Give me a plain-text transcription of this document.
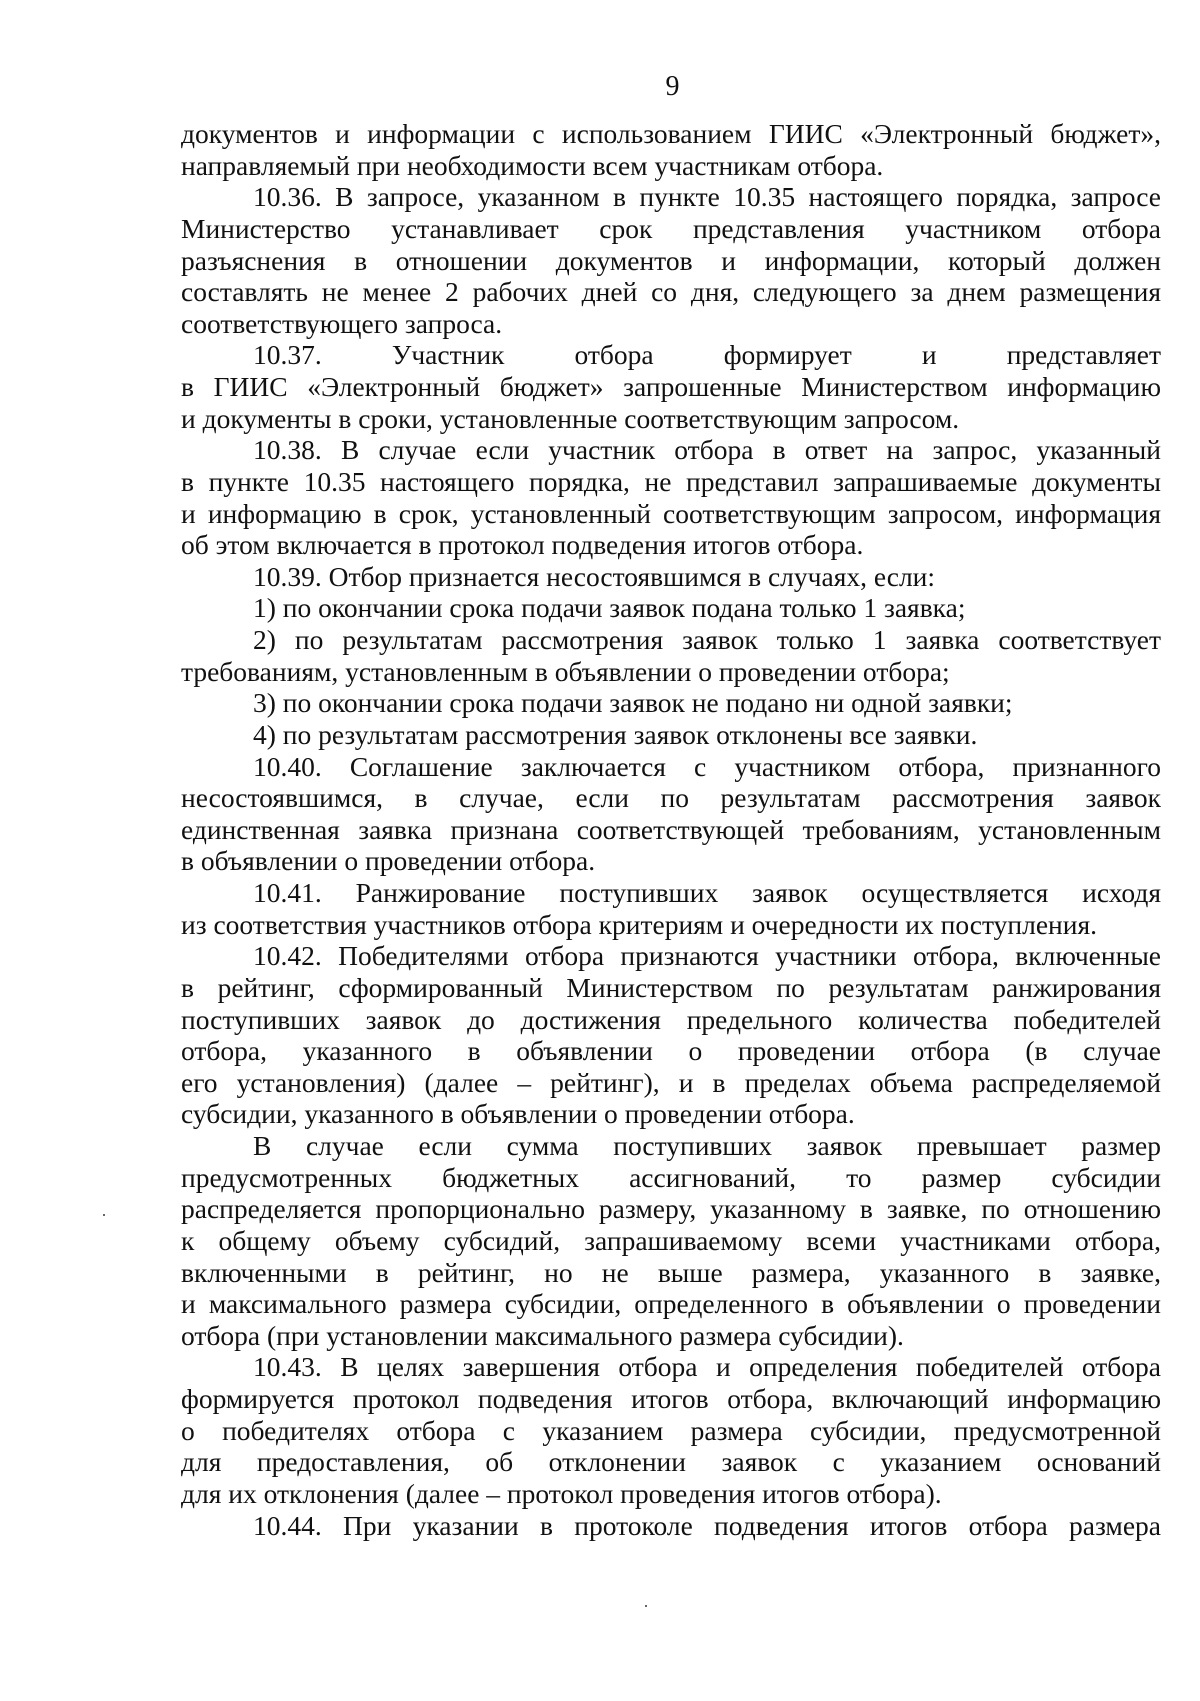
9
документов и информации с использованием ГИИС «Электронный бюджет»,
направляемый при необходимости всем участникам отбора.
10.36. В запросе, указанном в пункте 10.35 настоящего порядка, запросе
Министерство устанавливает срок представления участником отбора
разъяснения в отношении документов и информации, который должен
составлять не менее 2 рабочих дней со дня, следующего за днем размещения
соответствующего запроса.
10.37. Участник отбора формирует и представляет
в ГИИС «Электронный бюджет» запрошенные Министерством информацию
и документы в сроки, установленные соответствующим запросом.
10.38. В случае если участник отбора в ответ на запрос, указанный
в пункте 10.35 настоящего порядка, не представил запрашиваемые документы
и информацию в срок, установленный соответствующим запросом, информация
об этом включается в протокол подведения итогов отбора.
10.39. Отбор признается несостоявшимся в случаях, если:
1) по окончании срока подачи заявок подана только 1 заявка;
2) по результатам рассмотрения заявок только 1 заявка соответствует
требованиям, установленным в объявлении о проведении отбора;
3) по окончании срока подачи заявок не подано ни одной заявки;
4) по результатам рассмотрения заявок отклонены все заявки.
10.40. Соглашение заключается с участником отбора, признанного
несостоявшимся, в случае, если по результатам рассмотрения заявок
единственная заявка признана соответствующей требованиям, установленным
в объявлении о проведении отбора.
10.41. Ранжирование поступивших заявок осуществляется исходя
из соответствия участников отбора критериям и очередности их поступления.
10.42. Победителями отбора признаются участники отбора, включенные
в рейтинг, сформированный Министерством по результатам ранжирования
поступивших заявок до достижения предельного количества победителей
отбора, указанного в объявлении о проведении отбора (в случае
его установления) (далее – рейтинг), и в пределах объема распределяемой
субсидии, указанного в объявлении о проведении отбора.
В случае если сумма поступивших заявок превышает размер
предусмотренных бюджетных ассигнований, то размер субсидии
распределяется пропорционально размеру, указанному в заявке, по отношению
к общему объему субсидий, запрашиваемому всеми участниками отбора,
включенными в рейтинг, но не выше размера, указанного в заявке,
и максимального размера субсидии, определенного в объявлении о проведении
отбора (при установлении максимального размера субсидии).
10.43. В целях завершения отбора и определения победителей отбора
формируется протокол подведения итогов отбора, включающий информацию
о победителях отбора с указанием размера субсидии, предусмотренной
для предоставления, об отклонении заявок с указанием оснований
для их отклонения (далее – протокол проведения итогов отбора).
10.44. При указании в протоколе подведения итогов отбора размера
